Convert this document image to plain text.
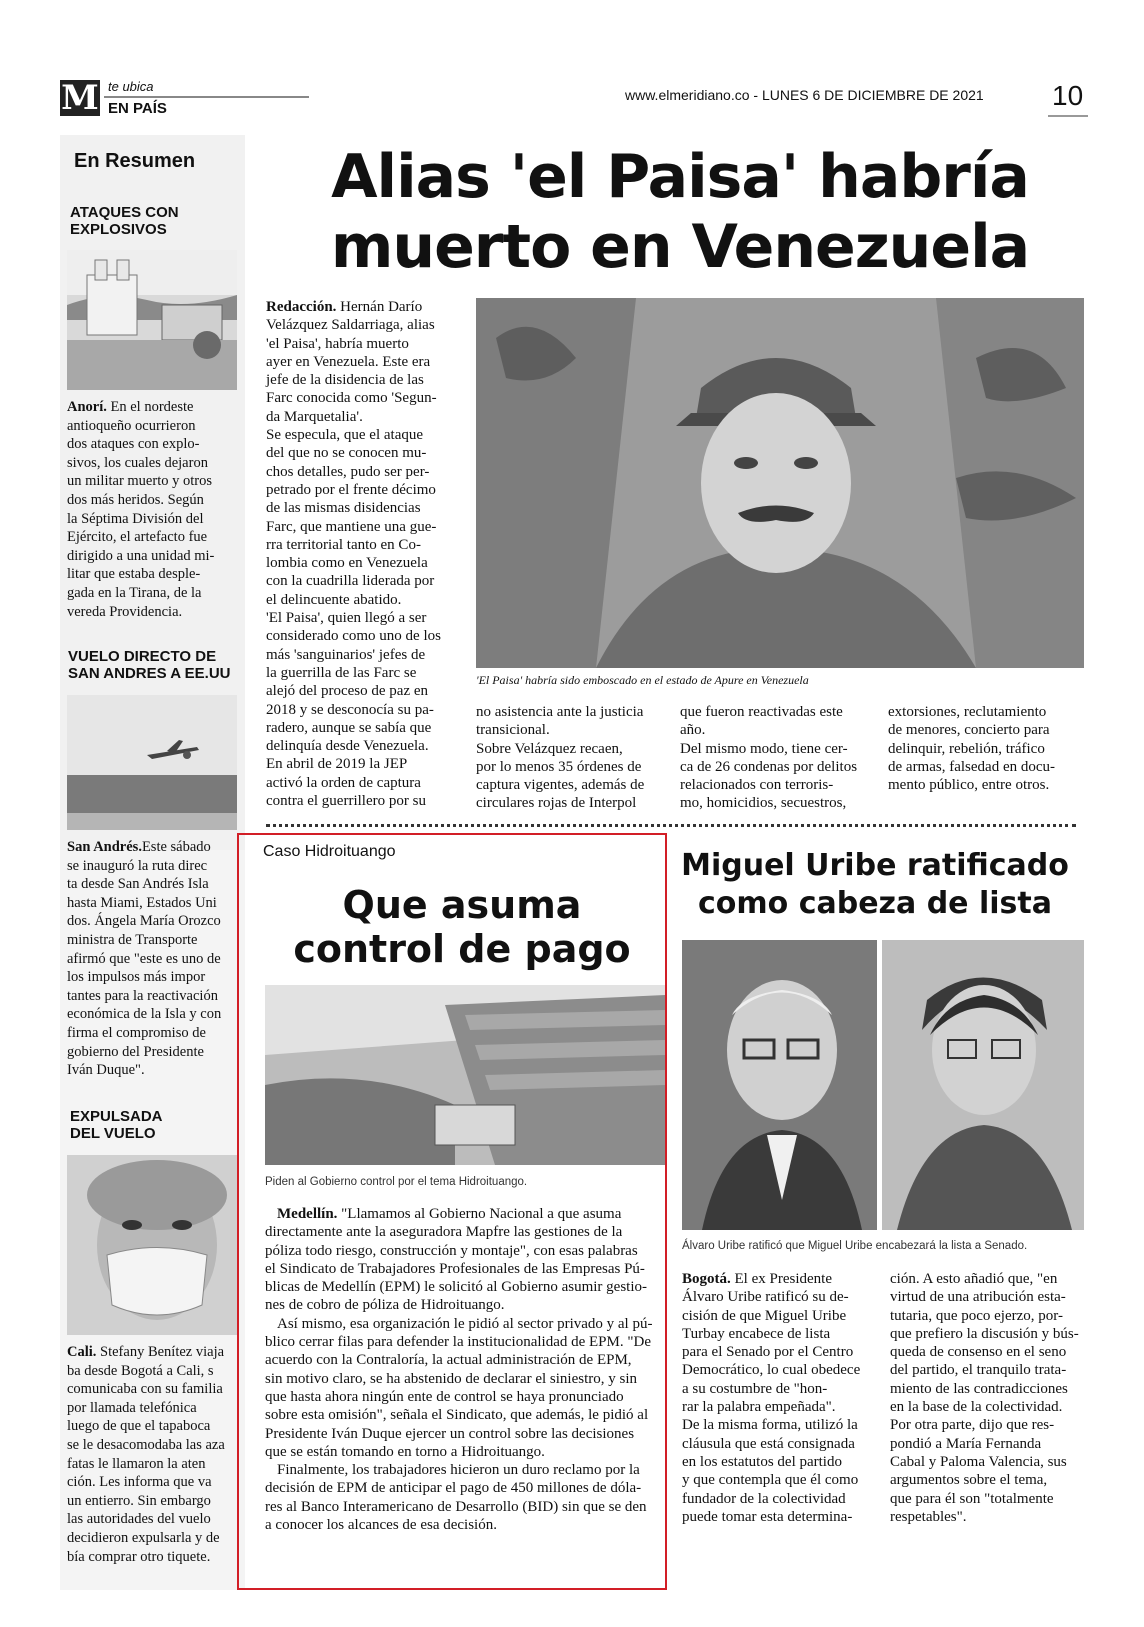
M te ubica
EN PAÍS
www.elmeridiano.co - LUNES 6 DE DICIEMBRE DE 2021	10
En Resumen
ATAQUES CON
EXPLOSIVOS
Anorí. En el nordeste
antioqueño ocurrieron
dos ataques con explo-
sivos, los cuales dejaron
un militar muerto y otros
dos más heridos. Según
la Séptima División del
Ejército, el artefacto fue
dirigido a una unidad mi-
litar que estaba desple-
gada en la Tirana, de la
vereda Providencia.
VUELO DIRECTO DE
SAN ANDRES A EE.UU
San Andrés.Este sábado
se inauguró la ruta direc
ta desde San Andrés Isla
hasta Miami, Estados Uni
dos. Ángela María Orozco
ministra de Transporte
afirmó que "este es uno de
los impulsos más impor
tantes para la reactivación
económica de la Isla y con
firma el compromiso de
gobierno del Presidente
Iván Duque".
EXPULSADA
DEL VUELO
Cali. Stefany Benítez viaja
ba desde Bogotá a Cali, s
comunicaba con su familia
por llamada telefónica
luego de que el tapaboca
se le desacomodaba las aza
fatas le llamaron la aten
ción. Les informa que va
un entierro. Sin embargo
las autoridades del vuelo
decidieron expulsarla y de
bía comprar otro tiquete.
Alias 'el Paisa' habría
muerto en Venezuela
'El Paisa' habría sido emboscado en el estado de Apure en Venezuela
Redacción. Hernán Darío
Velázquez Saldarriaga, alias
'el Paisa', habría muerto
ayer en Venezuela. Este era
jefe de la disidencia de las
Farc conocida como 'Segun-
da Marquetalia'.
Se especula, que el ataque
del que no se conocen mu-
chos detalles, pudo ser per-
petrado por el frente décimo
de las mismas disidencias
Farc, que mantiene una gue-
rra territorial tanto en Co-
lombia como en Venezuela
con la cuadrilla liderada por
el delincuente abatido.
'El Paisa', quien llegó a ser
considerado como uno de los
más 'sanguinarios' jefes de
la guerrilla de las Farc se
alejó del proceso de paz en
2018 y se desconocía su pa-
radero, aunque se sabía que
delinquía desde Venezuela.
En abril de 2019 la JEP
activó la orden de captura
contra el guerrillero por su
no asistencia ante la justicia
transicional.
Sobre Velázquez recaen,
por lo menos 35 órdenes de
captura vigentes, además de
circulares rojas de Interpol
que fueron reactivadas este
año.
Del mismo modo, tiene cer-
ca de 26 condenas por delitos
relacionados con terroris-
mo, homicidios, secuestros,
extorsiones, reclutamiento
de menores, concierto para
delinquir, rebelión, tráfico
de armas, falsedad en docu-
mento público, entre otros.
Caso Hidroituango
Que asuma
control de pago
Piden al Gobierno control por el tema Hidroituango.
Medellín. "Llamamos al Gobierno Nacional a que asuma
directamente ante la aseguradora Mapfre las gestiones de la
póliza todo riesgo, construcción y montaje", con esas palabras
el Sindicato de Trabajadores Profesionales de las Empresas Pú-
blicas de Medellín (EPM) le solicitó al Gobierno asumir gestio-
nes de cobro de póliza de Hidroituango.
Así mismo, esa organización le pidió al sector privado y al pú-
blico cerrar filas para defender la institucionalidad de EPM. "De
acuerdo con la Contraloría, la actual administración de EPM,
sin motivo claro, se ha abstenido de declarar el siniestro, y sin
que hasta ahora ningún ente de control se haya pronunciado
sobre esta omisión", señala el Sindicato, que además, le pidió al
Presidente Iván Duque ejercer un control sobre las decisiones
que se están tomando en torno a Hidroituango.
Finalmente, los trabajadores hicieron un duro reclamo por la
decisión de EPM de anticipar el pago de 450 millones de dóla-
res al Banco Interamericano de Desarrollo (BID) sin que se den
a conocer los alcances de esa decisión.
Miguel Uribe ratificado
como cabeza de lista
Álvaro Uribe ratificó que Miguel Uribe encabezará la lista a Senado.
Bogotá. El ex Presidente
Álvaro Uribe ratificó su de-
cisión de que Miguel Uribe
Turbay encabece de lista
para el Senado por el Centro
Democrático, lo cual obedece
a su costumbre de "hon-
rar la palabra empeñada".
De la misma forma, utilizó la
cláusula que está consignada
en los estatutos del partido
y que contempla que él como
fundador de la colectividad
puede tomar esta determina-
ción. A esto añadió que, "en
virtud de una atribución esta-
tutaria, que poco ejerzo, por-
que prefiero la discusión y bús-
queda de consenso en el seno
del partido, el tranquilo trata-
miento de las contradicciones
en la base de la colectividad.
Por otra parte, dijo que res-
pondió a María Fernanda
Cabal y Paloma Valencia, sus
argumentos sobre el tema,
que para él son "totalmente
respetables".
